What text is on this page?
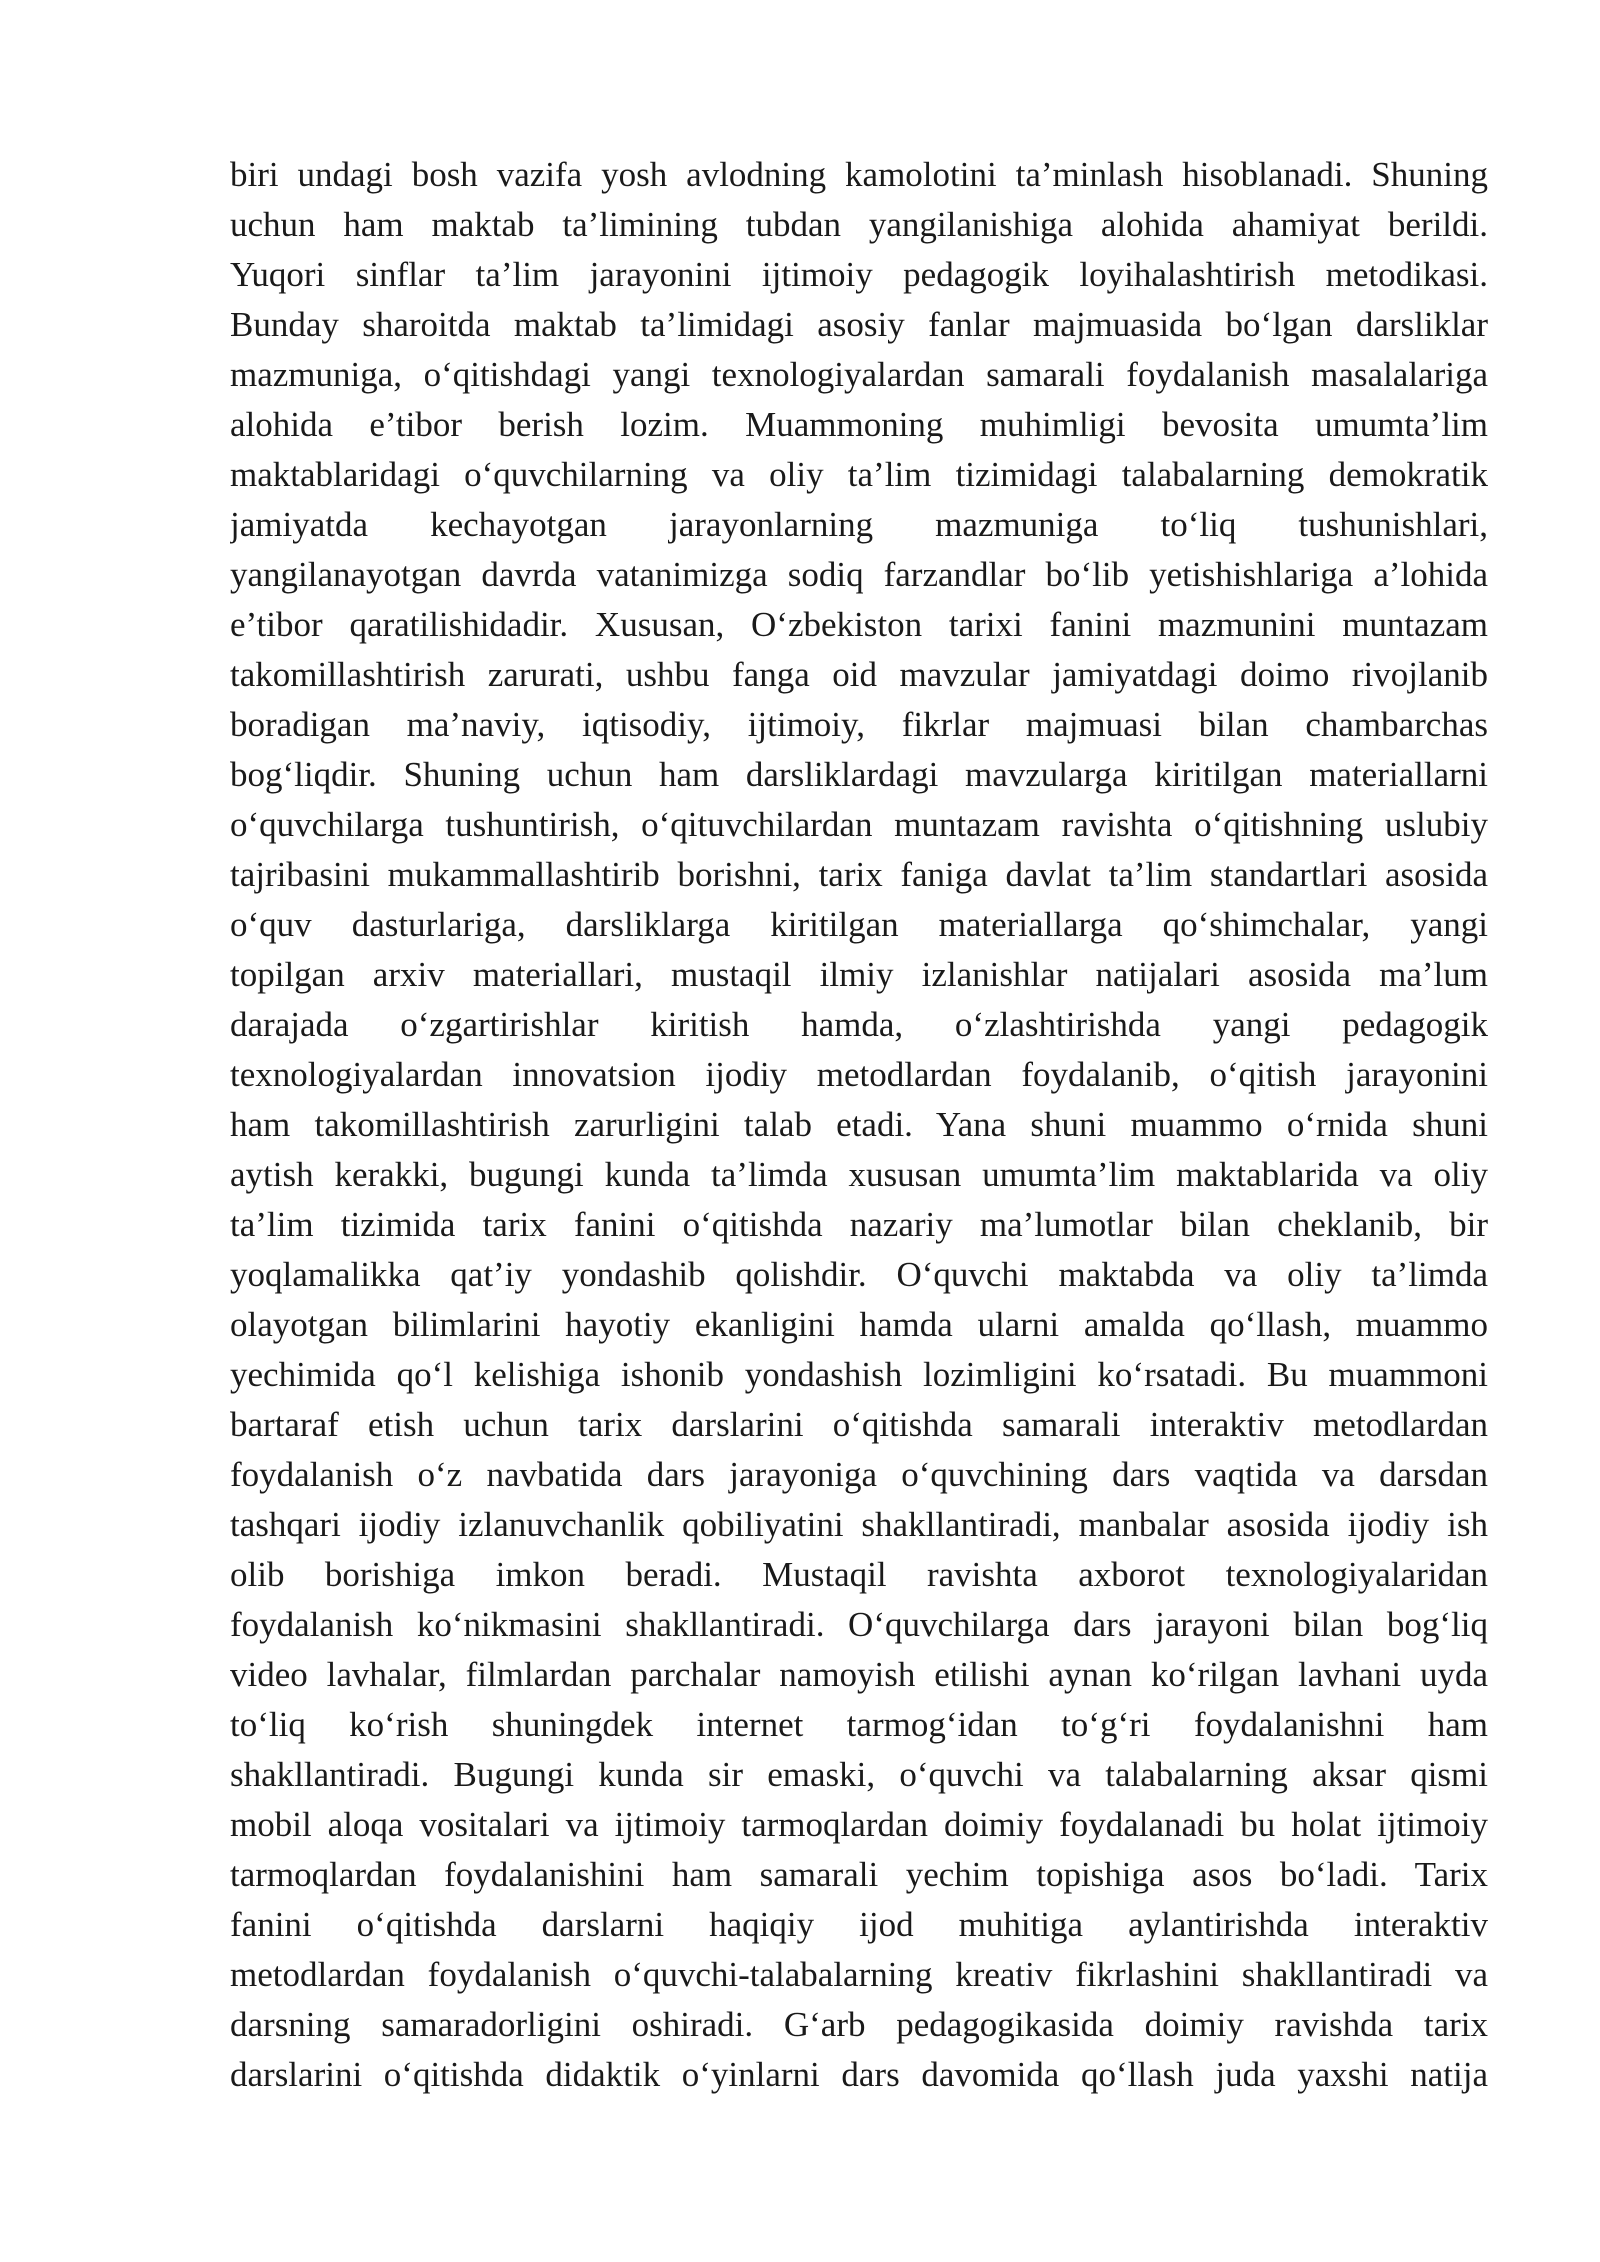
biri undagi bosh vazifa yosh avlodning kamolotini ta’minlash hisoblanadi. Shuning
uchun ham maktab ta’limining tubdan yangilanishiga alohida ahamiyat berildi.
Yuqori sinflar ta’lim jarayonini ijtimoiy pedagogik loyihalashtirish metodikasi.
Bunday sharoitda maktab ta’limidagi asosiy fanlar majmuasida bo‘lgan darsliklar
mazmuniga, o‘qitishdagi yangi texnologiyalardan samarali foydalanish masalalariga
alohida e’tibor berish lozim. Muammoning muhimligi bevosita umumta’lim
maktablaridagi o‘quvchilarning va oliy ta’lim tizimidagi talabalarning demokratik
jamiyatda kechayotgan jarayonlarning mazmuniga to‘liq tushunishlari,
yangilanayotgan davrda vatanimizga sodiq farzandlar bo‘lib yetishishlariga a’lohida
e’tibor qaratilishidadir. Xususan, O‘zbekiston tarixi fanini mazmunini muntazam
takomillashtirish zarurati, ushbu fanga oid mavzular jamiyatdagi doimo rivojlanib
boradigan ma’naviy, iqtisodiy, ijtimoiy, fikrlar majmuasi bilan chambarchas
bog‘liqdir. Shuning uchun ham darsliklardagi mavzularga kiritilgan materiallarni
o‘quvchilarga tushuntirish, o‘qituvchilardan muntazam ravishta o‘qitishning uslubiy
tajribasini mukammallashtirib borishni, tarix faniga davlat ta’lim standartlari asosida
o‘quv dasturlariga, darsliklarga kiritilgan materiallarga qo‘shimchalar, yangi
topilgan arxiv materiallari, mustaqil ilmiy izlanishlar natijalari asosida ma’lum
darajada o‘zgartirishlar kiritish hamda, o‘zlashtirishda yangi pedagogik
texnologiyalardan innovatsion ijodiy metodlardan foydalanib, o‘qitish jarayonini
ham takomillashtirish zarurligini talab etadi. Yana shuni muammo o‘rnida shuni
aytish kerakki, bugungi kunda ta’limda xususan umumta’lim maktablarida va oliy
ta’lim tizimida tarix fanini o‘qitishda nazariy ma’lumotlar bilan cheklanib, bir
yoqlamalikka qat’iy yondashib qolishdir. O‘quvchi maktabda va oliy ta’limda
olayotgan bilimlarini hayotiy ekanligini hamda ularni amalda qo‘llash, muammo
yechimida qo‘l kelishiga ishonib yondashish lozimligini ko‘rsatadi. Bu muammoni
bartaraf etish uchun tarix darslarini o‘qitishda samarali interaktiv metodlardan
foydalanish o‘z navbatida dars jarayoniga o‘quvchining dars vaqtida va darsdan
tashqari ijodiy izlanuvchanlik qobiliyatini shakllantiradi, manbalar asosida ijodiy ish
olib borishiga imkon beradi. Mustaqil ravishta axborot texnologiyalaridan
foydalanish ko‘nikmasini shakllantiradi. O‘quvchilarga dars jarayoni bilan bog‘liq
video lavhalar, filmlardan parchalar namoyish etilishi aynan ko‘rilgan lavhani uyda
to‘liq ko‘rish shuningdek internet tarmog‘idan to‘g‘ri foydalanishni ham
shakllantiradi. Bugungi kunda sir emaski, o‘quvchi va talabalarning aksar qismi
mobil aloqa vositalari va ijtimoiy tarmoqlardan doimiy foydalanadi bu holat ijtimoiy
tarmoqlardan foydalanishini ham samarali yechim topishiga asos bo‘ladi. Tarix
fanini o‘qitishda darslarni haqiqiy ijod muhitiga aylantirishda interaktiv
metodlardan foydalanish o‘quvchi-talabalarning kreativ fikrlashini shakllantiradi va
darsning samaradorligini oshiradi. G‘arb pedagogikasida doimiy ravishda tarix
darslarini o‘qitishda didaktik o‘yinlarni dars davomida qo‘llash juda yaxshi natija
